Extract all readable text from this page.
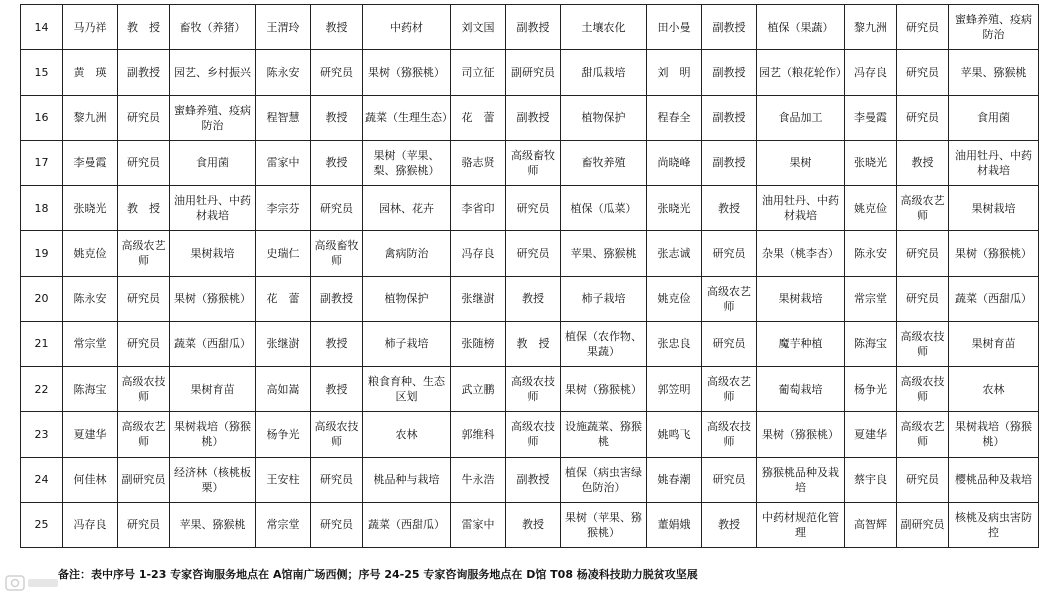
14	马乃祥	教　授	畜牧（养猪）	王渭玲	教授	中药材	刘文国	副教授	土壤农化	田小曼	副教授	植保（果蔬）	黎九洲	研究员	蜜蜂养殖、疫病防治
15	黄　瑛	副教授	园艺、乡村振兴	陈永安	研究员	果树（猕猴桃）	司立征	副研究员	甜瓜栽培	刘　明	副教授	园艺（粮花轮作）	冯存良	研究员	苹果、猕猴桃
16	黎九洲	研究员	蜜蜂养殖、疫病防治	程智慧	教授	蔬菜（生理生态）	花　蕾	副教授	植物保护	程春全	副教授	食品加工	李曼霞	研究员	食用菌
17	李曼霞	研究员	食用菌	雷家中	教授	果树（苹果、梨、猕猴桃）	骆志贤	高级畜牧师	畜牧养殖	尚晓峰	副教授	果树	张晓光	教授	油用牡丹、中药材栽培
18	张晓光	教　授	油用牡丹、中药材栽培	李宗芬	研究员	园林、花卉	李省印	研究员	植保（瓜菜）	张晓光	教授	油用牡丹、中药材栽培	姚克俭	高级农艺师	果树栽培
19	姚克俭	高级农艺师	果树栽培	史瑞仁	高级畜牧师	禽病防治	冯存良	研究员	苹果、猕猴桃	张志诚	研究员	杂果（桃李杏）	陈永安	研究员	果树（猕猴桃）
20	陈永安	研究员	果树（猕猴桃）	花　蕾	副教授	植物保护	张继澍	教授	柿子栽培	姚克俭	高级农艺师	果树栽培	常宗堂	研究员	蔬菜（西甜瓜）
21	常宗堂	研究员	蔬菜（西甜瓜）	张继澍	教授	柿子栽培	张随榜	教　授	植保（农作物、果蔬）	张忠良	研究员	魔芋种植	陈海宝	高级农技师	果树育苗
22	陈海宝	高级农技师	果树育苗	高如嵩	教授	粮食育种、生态区划	武立鹏	高级农技师	果树（猕猴桃）	郭笠明	高级农艺师	葡萄栽培	杨争光	高级农技师	农林
23	夏建华	高级农艺师	果树栽培（猕猴桃）	杨争光	高级农技师	农林	郭维科	高级农技师	设施蔬菜、猕猴桃	姚鸣飞	高级农技师	果树（猕猴桃）	夏建华	高级农艺师	果树栽培（猕猴桃）
24	何佳林	副研究员	经济林（核桃板栗）	王安柱	研究员	桃品种与栽培	牛永浩	副教授	植保（病虫害绿色防治）	姚春潮	研究员	猕猴桃品种及栽培	蔡宇良	研究员	樱桃品种及栽培
25	冯存良	研究员	苹果、猕猴桃	常宗堂	研究员	蔬菜（西甜瓜）	雷家中	教授	果树（苹果、猕猴桃）	董娟娥	教授	中药材规范化管理	高智辉	副研究员	核桃及病虫害防控
备注：表中序号 1-23 专家咨询服务地点在 A馆南广场西侧；序号 24-25 专家咨询服务地点在 D馆 T08 杨凌科技助力脱贫攻坚展
